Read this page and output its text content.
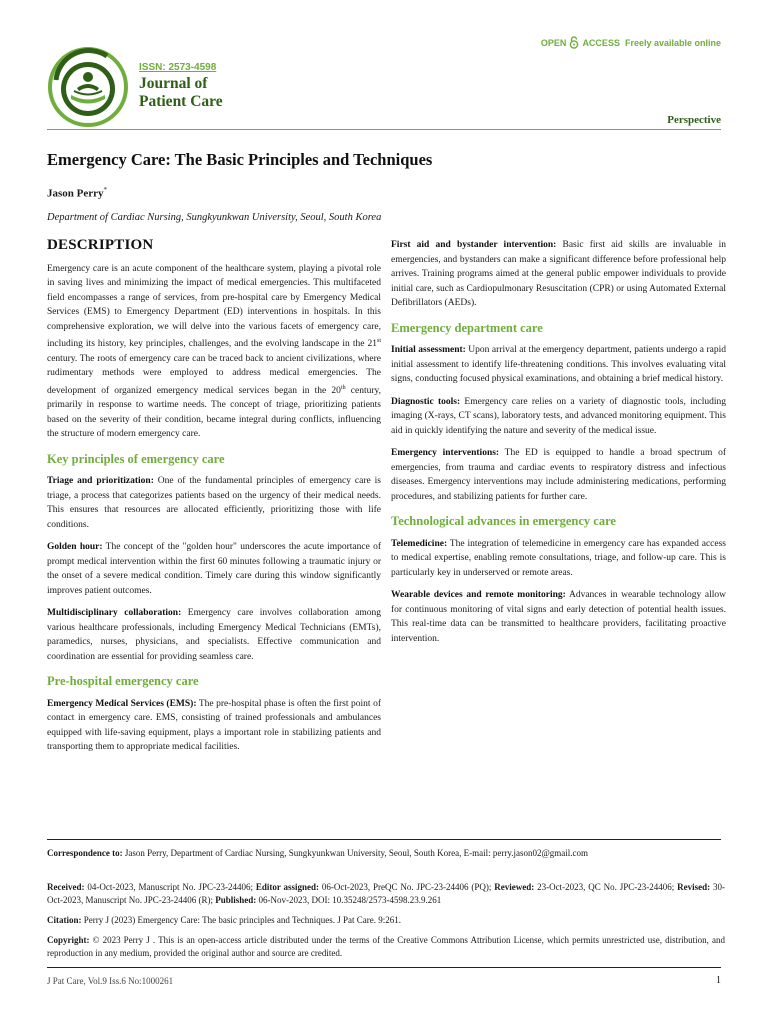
ISSN: 2573-4598
Journal of
Patient Care
OPEN ACCESS Freely available online
Perspective
Emergency Care: The Basic Principles and Techniques
Jason Perry*
Department of Cardiac Nursing, Sungkyunkwan University, Seoul, South Korea
DESCRIPTION

Emergency care is an acute component of the healthcare system, playing a pivotal role in saving lives and minimizing the impact of medical emergencies. This multifaceted field encompasses a range of services, from pre-hospital care by Emergency Medical Services (EMS) to Emergency Department (ED) interventions in hospitals. In this comprehensive exploration, we will delve into the various facets of emergency care, including its history, key principles, challenges, and the evolving landscape in the 21st century. The roots of emergency care can be traced back to ancient civilizations, where rudimentary methods were employed to address medical emergencies. The development of organized emergency medical services began in the 20th century, primarily in response to wartime needs. The concept of triage, prioritizing patients based on the severity of their condition, became integral during conflicts, influencing the structure of modern emergency care.

Key principles of emergency care

Triage and prioritization: One of the fundamental principles of emergency care is triage, a process that categorizes patients based on the urgency of their medical needs. This ensures that resources are allocated efficiently, prioritizing those with life conditions.

Golden hour: The concept of the "golden hour" underscores the acute importance of prompt medical intervention within the first 60 minutes following a traumatic injury or the onset of a severe medical condition. Timely care during this window significantly improves patient outcomes.

Multidisciplinary collaboration: Emergency care involves collaboration among various healthcare professionals, including Emergency Medical Technicians (EMTs), paramedics, nurses, physicians, and specialists. Effective communication and coordination are essential for providing seamless care.

Pre-hospital emergency care

Emergency Medical Services (EMS): The pre-hospital phase is often the first point of contact in emergency care. EMS, consisting of trained professionals and ambulances equipped with life-saving equipment, plays a important role in stabilizing patients and transporting them to appropriate medical facilities.

First aid and bystander intervention: Basic first aid skills are invaluable in emergencies, and bystanders can make a significant difference before professional help arrives. Training programs aimed at the general public empower individuals to provide initial care, such as Cardiopulmonary Resuscitation (CPR) or using Automated External Defibrillators (AEDs).

Emergency department care

Initial assessment: Upon arrival at the emergency department, patients undergo a rapid initial assessment to identify life-threatening conditions. This involves evaluating vital signs, conducting focused physical examinations, and obtaining a brief medical history.

Diagnostic tools: Emergency care relies on a variety of diagnostic tools, including imaging (X-rays, CT scans), laboratory tests, and advanced monitoring equipment. This aid in quickly identifying the nature and severity of the medical issue.

Emergency interventions: The ED is equipped to handle a broad spectrum of emergencies, from trauma and cardiac events to respiratory distress and infectious diseases. Emergency interventions may include administering medications, performing procedures, and stabilizing patients for further care.

Technological advances in emergency care

Telemedicine: The integration of telemedicine in emergency care has expanded access to medical expertise, enabling remote consultations, triage, and follow-up care. This is particularly key in underserved or remote areas.

Wearable devices and remote monitoring: Advances in wearable technology allow for continuous monitoring of vital signs and early detection of potential health issues. This real-time data can be transmitted to healthcare providers, facilitating proactive intervention.

Correspondence to: Jason Perry, Department of Cardiac Nursing, Sungkyunkwan University, Seoul, South Korea, E-mail: perry.jason02@gmail.com
Received: 04-Oct-2023, Manuscript No. JPC-23-24406; Editor assigned: 06-Oct-2023, PreQC No. JPC-23-24406 (PQ); Reviewed: 23-Oct-2023, QC No. JPC-23-24406; Revised: 30-Oct-2023, Manuscript No. JPC-23-24406 (R); Published: 06-Nov-2023, DOI: 10.35248/2573-4598.23.9.261
Citation: Perry J (2023) Emergency Care: The basic principles and Techniques. J Pat Care. 9:261.
Copyright: © 2023 Perry J . This is an open-access article distributed under the terms of the Creative Commons Attribution License, which permits unrestricted use, distribution, and reproduction in any medium, provided the original author and source are credited.
J Pat Care, Vol.9 Iss.6 No:1000261	1
